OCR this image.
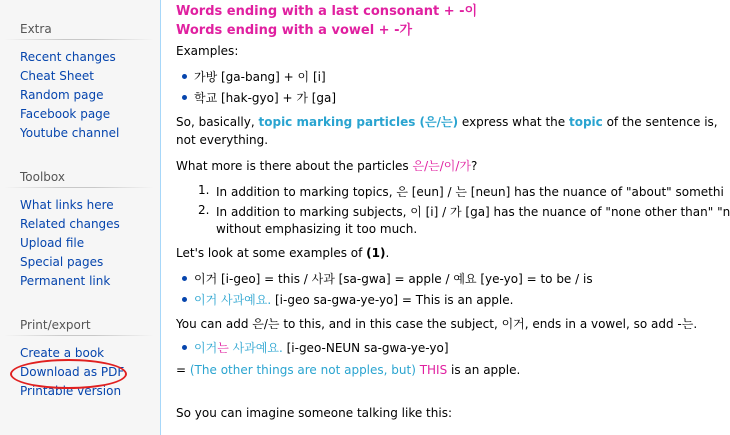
Extra
Recent changes
Cheat Sheet
Random page
Facebook page
Youtube channel
Toolbox
What links here
Related changes
Upload file
Special pages
Permanent link
Print/export
Create a book
Download as PDF
Printable version
Words ending with a last consonant + -이
Words ending with a vowel + -가
Examples:
가방 [ga-bang] + 이 [i]
학교 [hak-gyo] + 가 [ga]
So, basically, topic marking particles (은/는) express what the topic of the sentence is,
not everything.
What more is there about the particles 은/는/이/가?
1. In addition to marking topics, 은 [eun] / 는 [neun] has the nuance of "about" somethi
2. In addition to marking subjects, 이 [i] / 가 [ga] has the nuance of "none other than" "n
without emphasizing it too much.
Let's look at some examples of (1).
이거 [i-geo] = this / 사과 [sa-gwa] = apple / 예요 [ye-yo] = to be / is
이거 사과예요. [i-geo sa-gwa-ye-yo] = This is an apple.
You can add 은/는 to this, and in this case the subject, 이거, ends in a vowel, so add -는.
이거는 사과예요. [i-geo-NEUN sa-gwa-ye-yo]
= (The other things are not apples, but) THIS is an apple.
So you can imagine someone talking like this:
